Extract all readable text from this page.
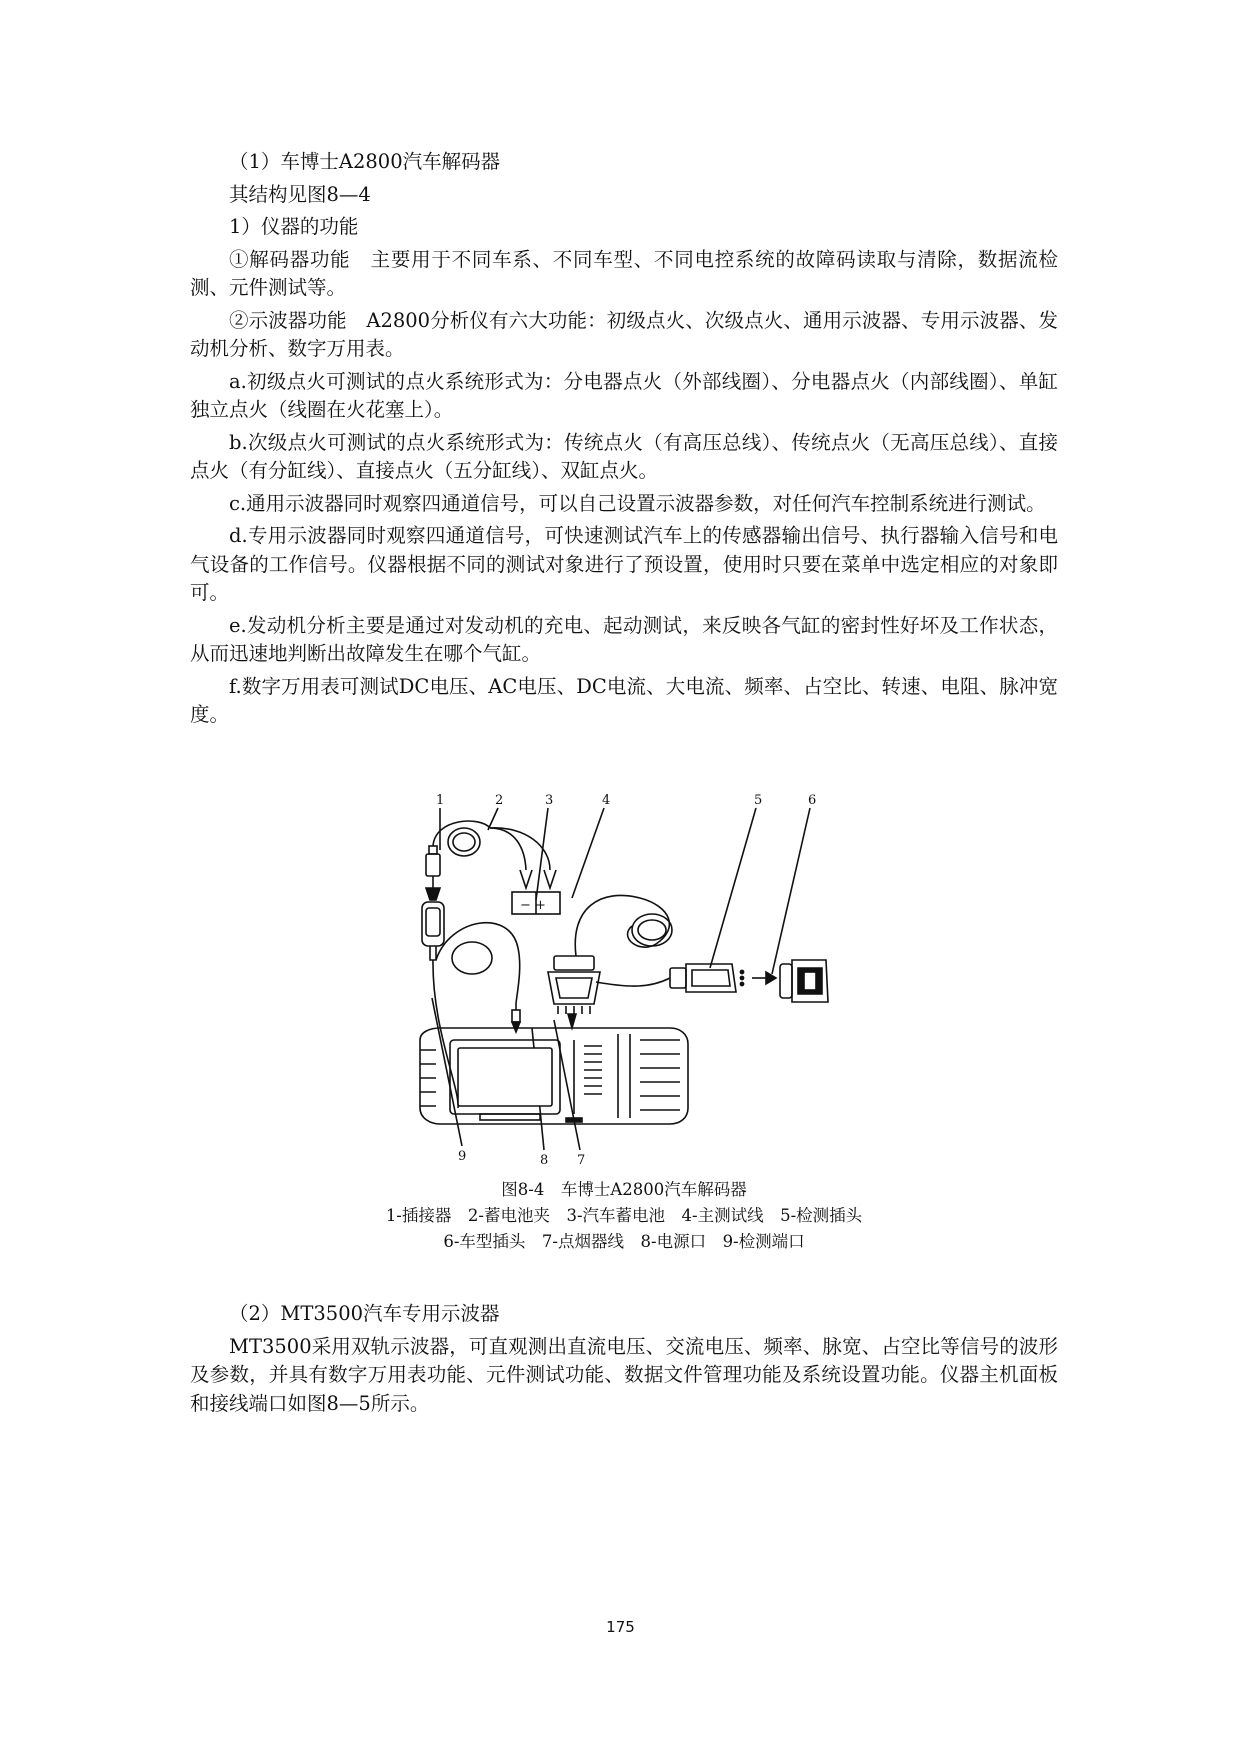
（1）车博士A2800汽车解码器

其结构见图8—4

1）仪器的功能

①解码器功能　主要用于不同车系、不同车型、不同电控系统的故障码读取与清除，数据流检测、元件测试等。

②示波器功能　A2800分析仪有六大功能：初级点火、次级点火、通用示波器、专用示波器、发动机分析、数字万用表。

a.初级点火可测试的点火系统形式为：分电器点火（外部线圈）、分电器点火（内部线圈）、单缸独立点火（线圈在火花塞上）。

b.次级点火可测试的点火系统形式为：传统点火（有高压总线）、传统点火（无高压总线）、直接点火（有分缸线）、直接点火（五分缸线）、双缸点火。

c.通用示波器同时观察四通道信号，可以自己设置示波器参数，对任何汽车控制系统进行测试。

d.专用示波器同时观察四通道信号，可快速测试汽车上的传感器输出信号、执行器输入信号和电气设备的工作信号。仪器根据不同的测试对象进行了预设置，使用时只要在菜单中选定相应的对象即可。

e.发动机分析主要是通过对发动机的充电、起动测试，来反映各气缸的密封性好坏及工作状态，从而迅速地判断出故障发生在哪个气缸。

f.数字万用表可测试DC电压、AC电压、DC电流、大电流、频率、占空比、转速、电阻、脉冲宽度。

1	2	3	4	5	6
7
8
9
− +
图8-4　车博士A2800汽车解码器
1-插接器　2-蓄电池夹　3-汽车蓄电池　4-主测试线　5-检测插头
6-车型插头　7-点烟器线　8-电源口　9-检测端口

（2）MT3500汽车专用示波器

MT3500采用双轨示波器，可直观测出直流电压、交流电压、频率、脉宽、占空比等信号的波形及参数，并具有数字万用表功能、元件测试功能、数据文件管理功能及系统设置功能。仪器主机面板和接线端口如图8—5所示。

175
